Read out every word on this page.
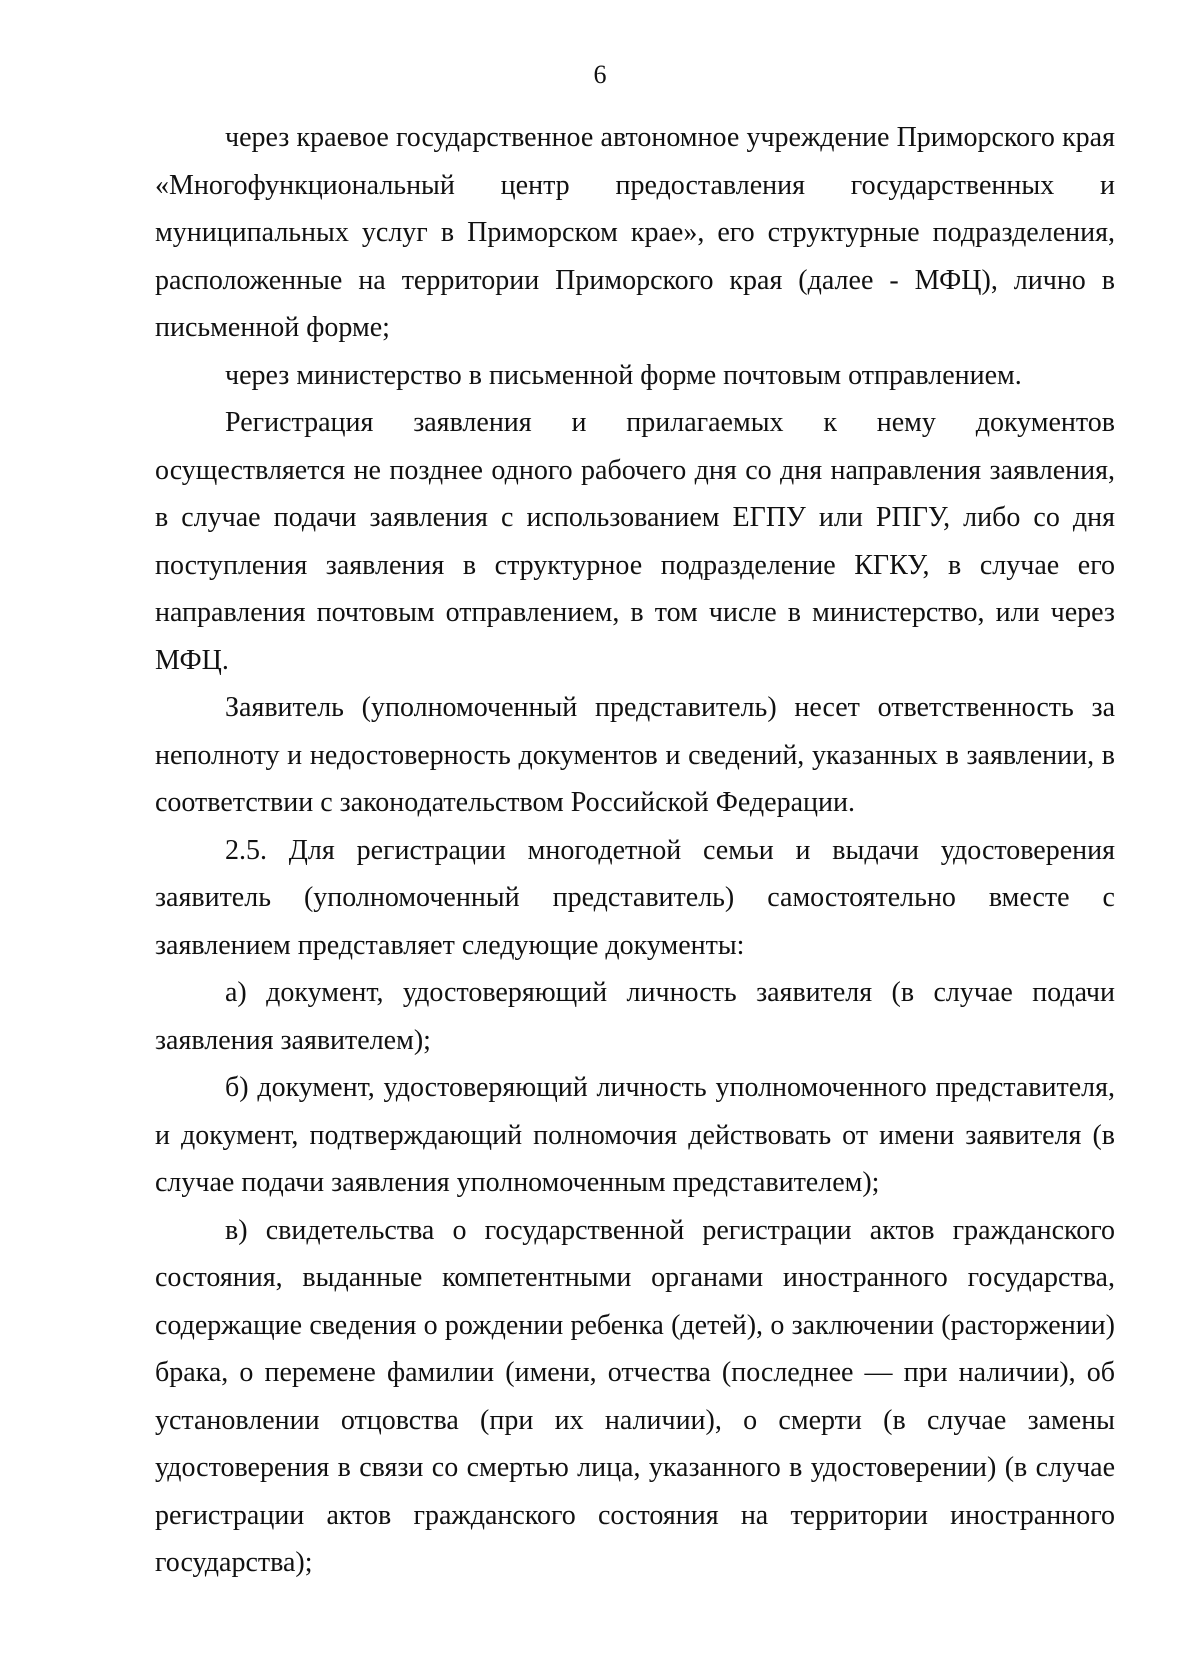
6

через краевое государственное автономное учреждение Приморского края «Многофункциональный центр предоставления государственных и муниципальных услуг в Приморском крае», его структурные подразделения, расположенные на территории Приморского края (далее - МФЦ), лично в письменной форме;

через министерство в письменной форме почтовым отправлением.

Регистрация заявления и прилагаемых к нему документов осуществляется не позднее одного рабочего дня со дня направления заявления, в случае подачи заявления с использованием ЕГПУ или РПГУ, либо со дня поступления заявления в структурное подразделение КГКУ, в случае его направления почтовым отправлением, в том числе в министерство, или через МФЦ.

Заявитель (уполномоченный представитель) несет ответственность за неполноту и недостоверность документов и сведений, указанных в заявлении, в соответствии с законодательством Российской Федерации.

2.5. Для регистрации многодетной семьи и выдачи удостоверения заявитель (уполномоченный представитель) самостоятельно вместе с заявлением представляет следующие документы:

а) документ, удостоверяющий личность заявителя (в случае подачи заявления заявителем);

б) документ, удостоверяющий личность уполномоченного представителя, и документ, подтверждающий полномочия действовать от имени заявителя (в случае подачи заявления уполномоченным представителем);

в) свидетельства о государственной регистрации актов гражданского состояния, выданные компетентными органами иностранного государства, содержащие сведения о рождении ребенка (детей), о заключении (расторжении) брака, о перемене фамилии (имени, отчества (последнее — при наличии), об установлении отцовства (при их наличии), о смерти (в случае замены удостоверения в связи со смертью лица, указанного в удостоверении) (в случае регистрации актов гражданского состояния на территории иностранного государства);
